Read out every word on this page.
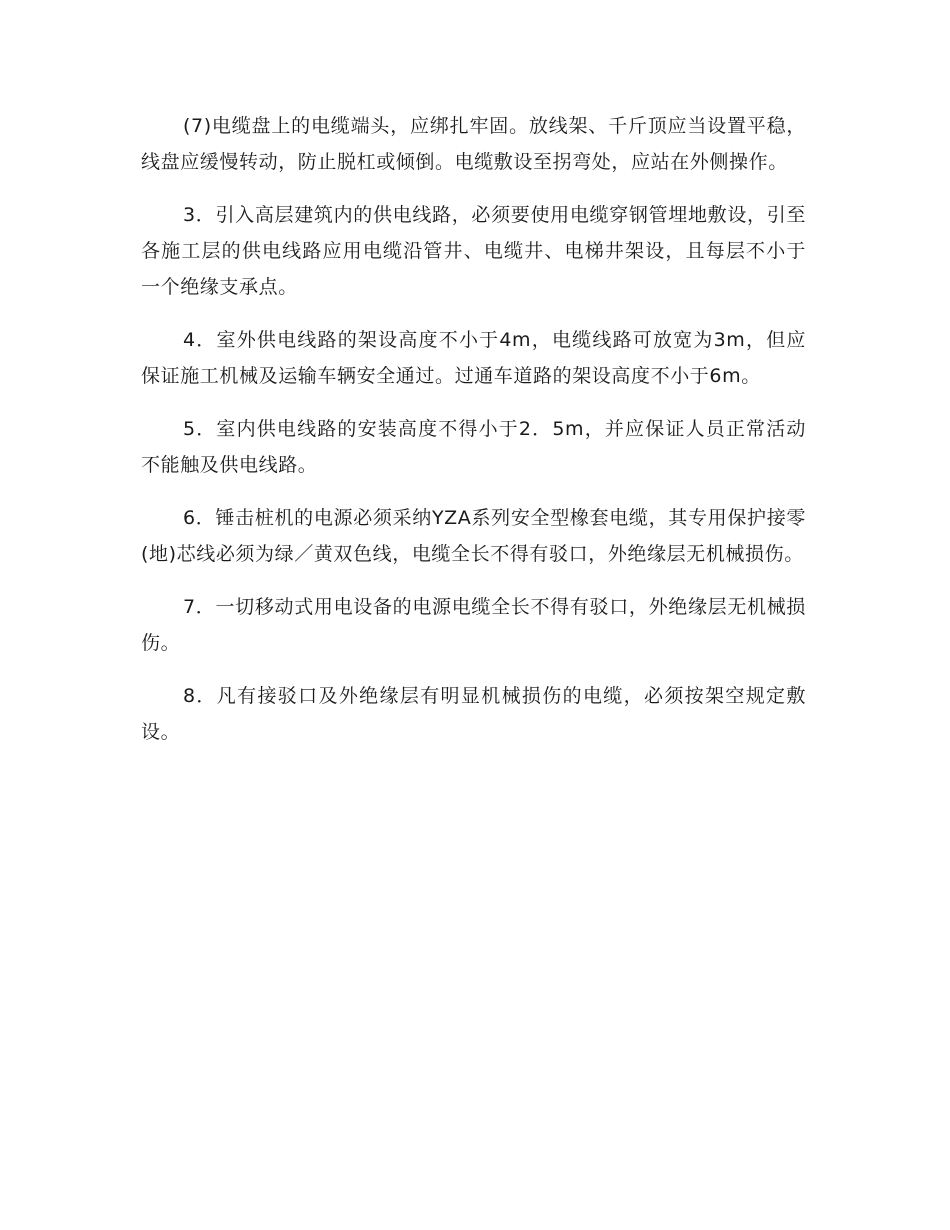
(7)电缆盘上的电缆端头，应绑扎牢固。放线架、千斤顶应当设置平稳，线盘应缓慢转动，防止脱杠或倾倒。电缆敷设至拐弯处，应站在外侧操作。

3．引入高层建筑内的供电线路，必须要使用电缆穿钢管埋地敷设，引至各施工层的供电线路应用电缆沿管井、电缆井、电梯井架设，且每层不小于一个绝缘支承点。

4．室外供电线路的架设高度不小于4m，电缆线路可放宽为3m，但应保证施工机械及运输车辆安全通过。过通车道路的架设高度不小于6m。

5．室内供电线路的安装高度不得小于2．5m，并应保证人员正常活动不能触及供电线路。

6．锤击桩机的电源必须采纳YZA系列安全型橡套电缆，其专用保护接零(地)芯线必须为绿／黄双色线，电缆全长不得有驳口，外绝缘层无机械损伤。

7．一切移动式用电设备的电源电缆全长不得有驳口，外绝缘层无机械损伤。

8．凡有接驳口及外绝缘层有明显机械损伤的电缆，必须按架空规定敷设。
